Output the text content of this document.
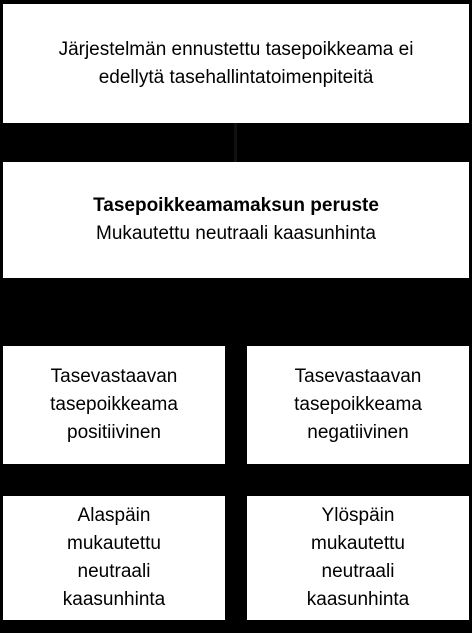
Järjestelmän ennustettu tasepoikkeama ei
edellytä tasehallintatoimenpiteitä
Tasepoikkeamamaksun peruste
Mukautettu neutraali kaasunhinta
Tasevastaavan
tasepoikkeama
positiivinen
Tasevastaavan
tasepoikkeama
negatiivinen
Alaspäin
mukautettu
neutraali
kaasunhinta
Ylöspäin
mukautettu
neutraali
kaasunhinta
